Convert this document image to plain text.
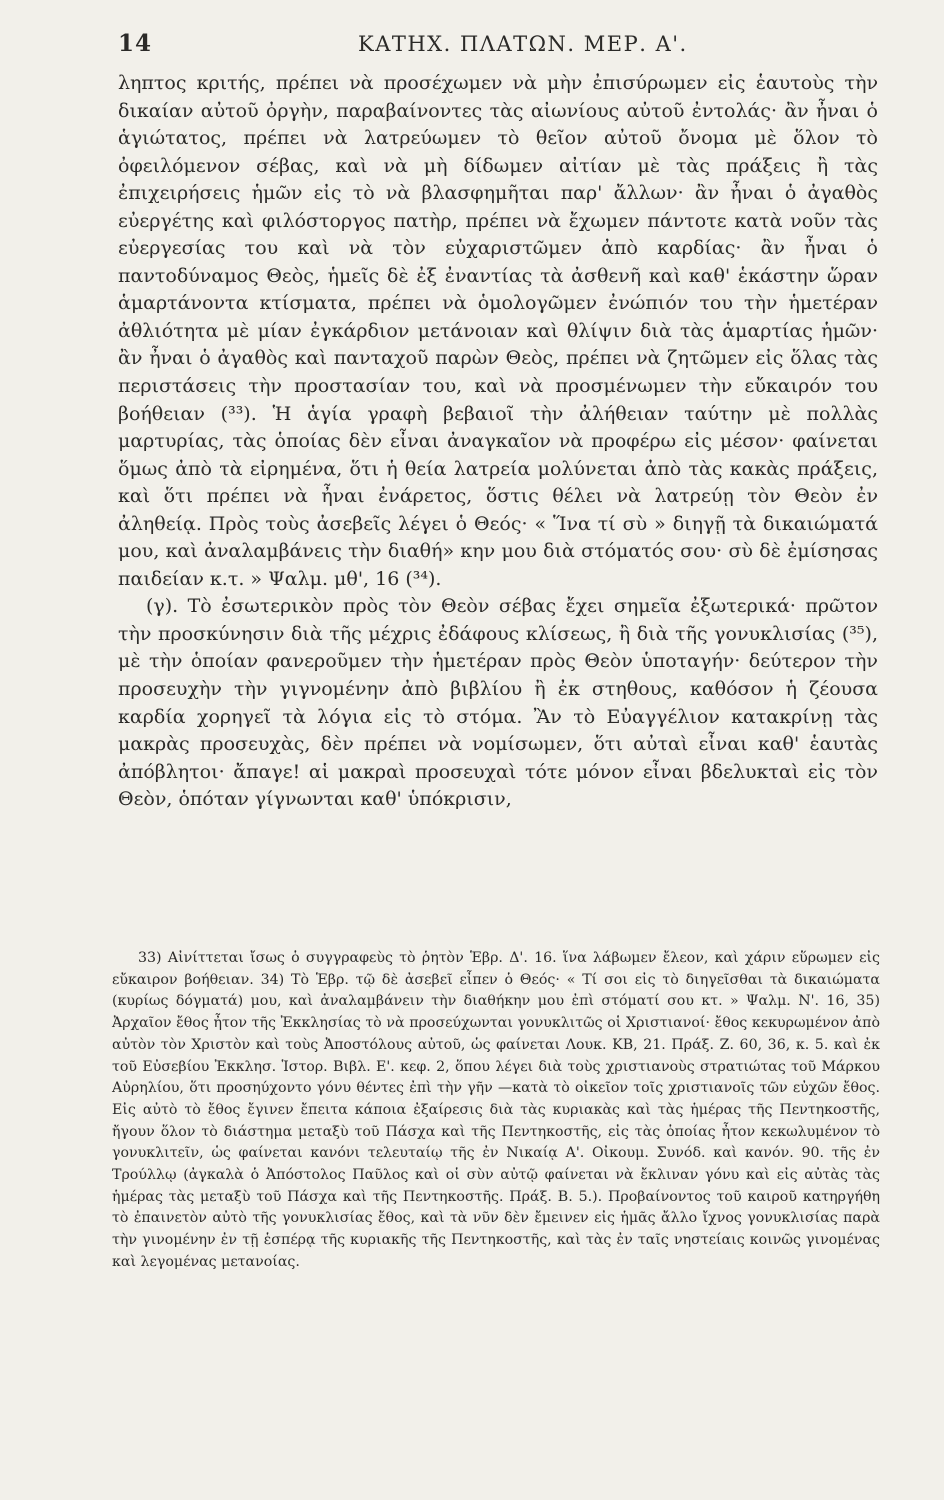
14	ΚΑΤΗΧ. ΠΛΑΤΩΝ. ΜΕΡ. Α'.

ληπτος κριτής, πρέπει νὰ προσέχωμεν νὰ μὴν ἐπισύρωμεν εἰς ἑαυτοὺς τὴν δικαίαν αὐτοῦ ὀργὴν, παραβαίνοντες τὰς αἰωνίους αὐτοῦ ἐντολάς· ἂν ἦναι ὁ ἁγιώτατος, πρέπει νὰ λατρεύωμεν τὸ θεῖον αὐτοῦ ὄνομα μὲ ὅλον τὸ ὀφειλόμενον σέβας, καὶ νὰ μὴ δίδωμεν αἰτίαν μὲ τὰς πράξεις ἢ τὰς ἐπιχειρήσεις ἡμῶν εἰς τὸ νὰ βλασφημῆται παρ' ἄλλων· ἂν ἦναι ὁ ἀγαθὸς εὐεργέτης καὶ φιλόστοργος πατὴρ, πρέπει νὰ ἔχωμεν πάντοτε κατὰ νοῦν τὰς εὐεργεσίας του καὶ νὰ τὸν εὐχαριστῶμεν ἀπὸ καρδίας· ἂν ἦναι ὁ παντοδύναμος Θεὸς, ἡμεῖς δὲ ἐξ ἐναντίας τὰ ἀσθενῆ καὶ καθ' ἑκάστην ὥραν ἁμαρτάνοντα κτίσματα, πρέπει νὰ ὁμολογῶμεν ἐνώπιόν του τὴν ἡμετέραν ἀθλιότητα μὲ μίαν ἐγκάρδιον μετάνοιαν καὶ θλίψιν διὰ τὰς ἁμαρτίας ἡμῶν· ἂν ἦναι ὁ ἀγαθὸς καὶ πανταχοῦ παρὼν Θεὸς, πρέπει νὰ ζητῶμεν εἰς ὅλας τὰς περιστάσεις τὴν προστασίαν του, καὶ νὰ προσμένωμεν τὴν εὔκαιρόν του βοήθειαν (³³). Ἡ ἁγία γραφὴ βεβαιοῖ τὴν ἀλήθειαν ταύτην μὲ πολλὰς μαρτυρίας, τὰς ὁποίας δὲν εἶναι ἀναγκαῖον νὰ προφέρω εἰς μέσον· φαίνεται ὅμως ἀπὸ τὰ εἰρημένα, ὅτι ἡ θεία λατρεία μολύνεται ἀπὸ τὰς κακὰς πράξεις, καὶ ὅτι πρέπει νὰ ἦναι ἐνάρετος, ὅστις θέλει νὰ λατρεύῃ τὸν Θεὸν ἐν ἀληθείᾳ. Πρὸς τοὺς ἀσεβεῖς λέγει ὁ Θεός· « Ἵνα τί σὺ » διηγῇ τὰ δικαιώματά μου, καὶ ἀναλαμβάνεις τὴν διαθή» κην μου διὰ στόματός σου· σὺ δὲ ἐμίσησας παιδείαν κ.τ. » Ψαλμ. μθ', 16 (³⁴).

(γ). Τὸ ἐσωτερικὸν πρὸς τὸν Θεὸν σέβας ἔχει σημεῖα ἐξωτερικά· πρῶτον τὴν προσκύνησιν διὰ τῆς μέχρις ἐδάφους κλίσεως, ἢ διὰ τῆς γονυκλισίας (³⁵), μὲ τὴν ὁποίαν φανεροῦμεν τὴν ἡμετέραν πρὸς Θεὸν ὑποταγήν· δεύτερον τὴν προσευχὴν τὴν γιγνομένην ἀπὸ βιβλίου ἢ ἐκ στηθους, καθόσον ἡ ζέουσα καρδία χορηγεῖ τὰ λόγια εἰς τὸ στόμα. Ἂν τὸ Εὐαγγέλιον κατακρίνῃ τὰς μακρὰς προσευχὰς, δὲν πρέπει νὰ νομίσωμεν, ὅτι αὐταὶ εἶναι καθ' ἑαυτὰς ἀπόβλητοι· ἄπαγε! αἱ μακραὶ προσευχαὶ τότε μόνον εἶναι βδελυκταὶ εἰς τὸν Θεὸν, ὁπόταν γίγνωνται καθ' ὑπόκρισιν,

33) Αἰνίττεται ἴσως ὁ συγγραφεὺς τὸ ῥητὸν Ἑβρ. Δ'. 16. ἵνα λάβωμεν ἔλεον, καὶ χάριν εὕρωμεν εἰς εὔκαιρον βοήθειαν. 34) Τὸ Ἑβρ. τῷ δὲ ἀσεβεῖ εἶπεν ὁ Θεός· « Τί σοι εἰς τὸ διηγεῖσθαι τὰ δικαιώματα (κυρίως δόγματά) μου, καὶ ἀναλαμβάνειν τὴν διαθήκην μου ἐπὶ στόματί σου κτ. » Ψαλμ. Ν'. 16, 35) Ἀρχαῖον ἔθος ἦτον τῆς Ἐκκλησίας τὸ νὰ προσεύχωνται γονυκλιτῶς οἱ Χριστιανοί· ἔθος κεκυρωμένον ἀπὸ αὐτὸν τὸν Χριστὸν καὶ τοὺς Ἀποστόλους αὐτοῦ, ὡς φαίνεται Λουκ. ΚΒ, 21. Πράξ. Ζ. 60, 36, κ. 5. καὶ ἐκ τοῦ Εὐσεβίου Ἐκκλησ. Ἱστορ. Βιβλ. Ε'. κεφ. 2, ὅπου λέγει διὰ τοὺς χριστιανοὺς στρατιώτας τοῦ Μάρκου Αὐρηλίου, ὅτι προσηύχοντο γόνυ θέντες ἐπὶ τὴν γῆν —κατὰ τὸ οἰκεῖον τοῖς χριστιανοῖς τῶν εὐχῶν ἔθος. Εἰς αὐτὸ τὸ ἔθος ἔγινεν ἔπειτα κάποια ἐξαίρεσις διὰ τὰς κυριακὰς καὶ τὰς ἡμέρας τῆς Πεντηκοστῆς, ἤγουν ὅλον τὸ διάστημα μεταξὺ τοῦ Πάσχα καὶ τῆς Πεντηκοστῆς, εἰς τὰς ὁποίας ἦτον κεκωλυμένον τὸ γονυκλιτεῖν, ὡς φαίνεται κανόνι τελευταίῳ τῆς ἐν Νικαίᾳ Α'. Οἰκουμ. Συνόδ. καὶ κανόν. 90. τῆς ἐν Τρούλλῳ (ἀγκαλὰ ὁ Ἀπόστολος Παῦλος καὶ οἱ σὺν αὐτῷ φαίνεται νὰ ἔκλιναν γόνυ καὶ εἰς αὐτὰς τὰς ἡμέρας τὰς μεταξὺ τοῦ Πάσχα καὶ τῆς Πεντηκοστῆς. Πράξ. Β. 5.). Προβαίνοντος τοῦ καιροῦ κατηργήθη τὸ ἐπαινετὸν αὐτὸ τῆς γονυκλισίας ἔθος, καὶ τὰ νῦν δὲν ἔμεινεν εἰς ἡμᾶς ἄλλο ἴχνος γονυκλισίας παρὰ τὴν γινομένην ἐν τῇ ἑσπέρᾳ τῆς κυριακῆς τῆς Πεντηκοστῆς, καὶ τὰς ἐν ταῖς νηστείαις κοινῶς γινομένας καὶ λεγομένας μετανοίας.
